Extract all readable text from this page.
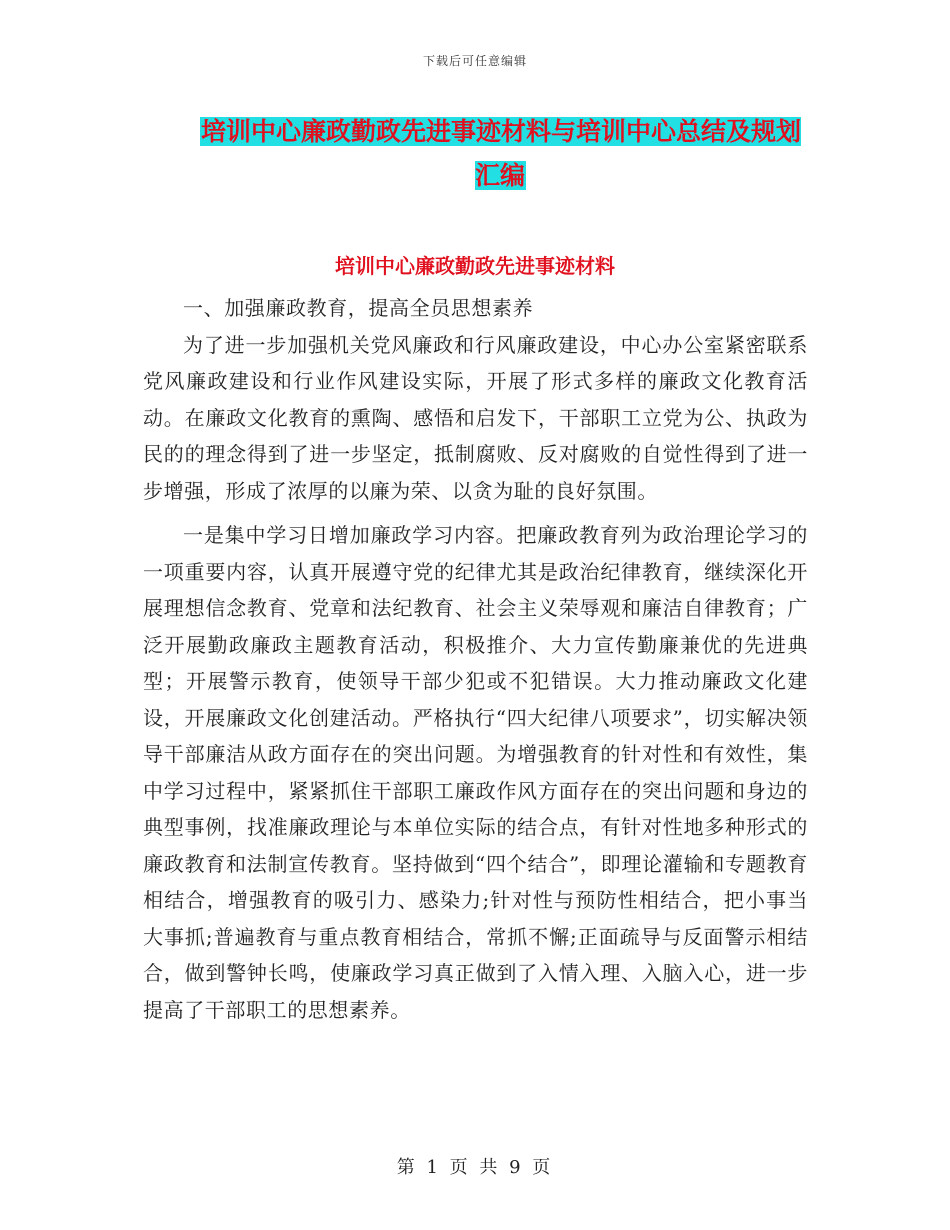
下载后可任意编辑
培训中心廉政勤政先进事迹材料与培训中心总结及规划汇编
培训中心廉政勤政先进事迹材料

一、加强廉政教育，提高全员思想素养

为了进一步加强机关党风廉政和行风廉政建设，中心办公室紧密联系党风廉政建设和行业作风建设实际，开展了形式多样的廉政文化教育活动。在廉政文化教育的熏陶、感悟和启发下，干部职工立党为公、执政为民的的理念得到了进一步坚定，抵制腐败、反对腐败的自觉性得到了进一步增强，形成了浓厚的以廉为荣、以贪为耻的良好氛围。

一是集中学习日增加廉政学习内容。把廉政教育列为政治理论学习的一项重要内容，认真开展遵守党的纪律尤其是政治纪律教育，继续深化开展理想信念教育、党章和法纪教育、社会主义荣辱观和廉洁自律教育；广泛开展勤政廉政主题教育活动，积极推介、大力宣传勤廉兼优的先进典型；开展警示教育，使领导干部少犯或不犯错误。大力推动廉政文化建设，开展廉政文化创建活动。严格执行“四大纪律八项要求”，切实解决领导干部廉洁从政方面存在的突出问题。为增强教育的针对性和有效性，集中学习过程中，紧紧抓住干部职工廉政作风方面存在的突出问题和身边的典型事例，找准廉政理论与本单位实际的结合点，有针对性地多种形式的廉政教育和法制宣传教育。坚持做到“四个结合”，即理论灌输和专题教育相结合，增强教育的吸引力、感染力;针对性与预防性相结合，把小事当大事抓;普遍教育与重点教育相结合，常抓不懈;正面疏导与反面警示相结合，做到警钟长鸣，使廉政学习真正做到了入情入理、入脑入心，进一步提高了干部职工的思想素养。

第 1 页 共 9 页
